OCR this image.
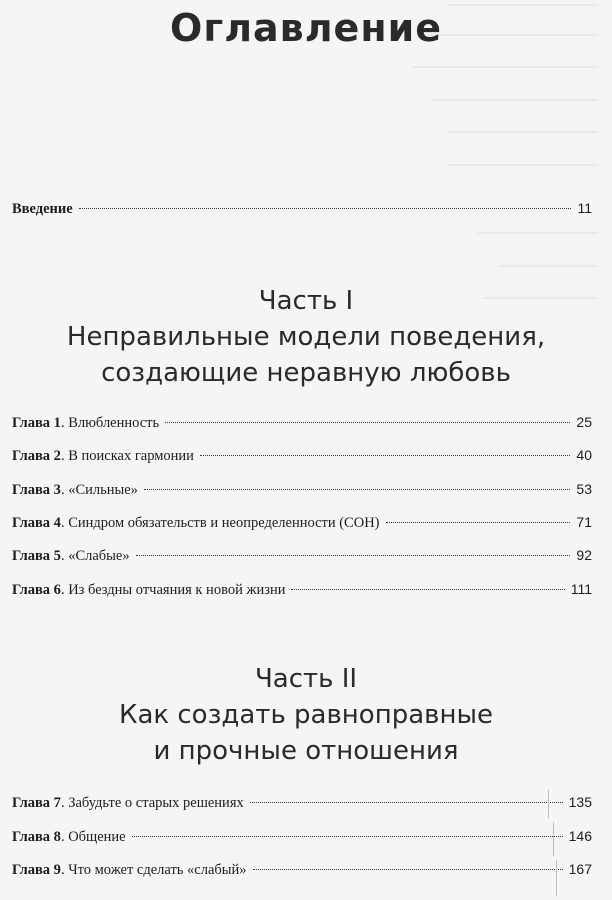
Оглавление
Введение	11
Часть I
Неправильные модели поведения,
создающие неравную любовь
Глава 1 . Влюбленность	25
Глава 2 . В поисках гармонии	40
Глава 3 . «Сильные»	53
Глава 4 . Синдром обязательств и неопределенности (СОН)	71
Глава 5 . «Слабые»	92
Глава 6 . Из бездны отчаяния к новой жизни	111
Часть II
Как создать равноправные
и прочные отношения
Глава 7 . Забудьте о старых решениях	135
Глава 8 . Общение	146
Глава 9 . Что может сделать «слабый»	167
